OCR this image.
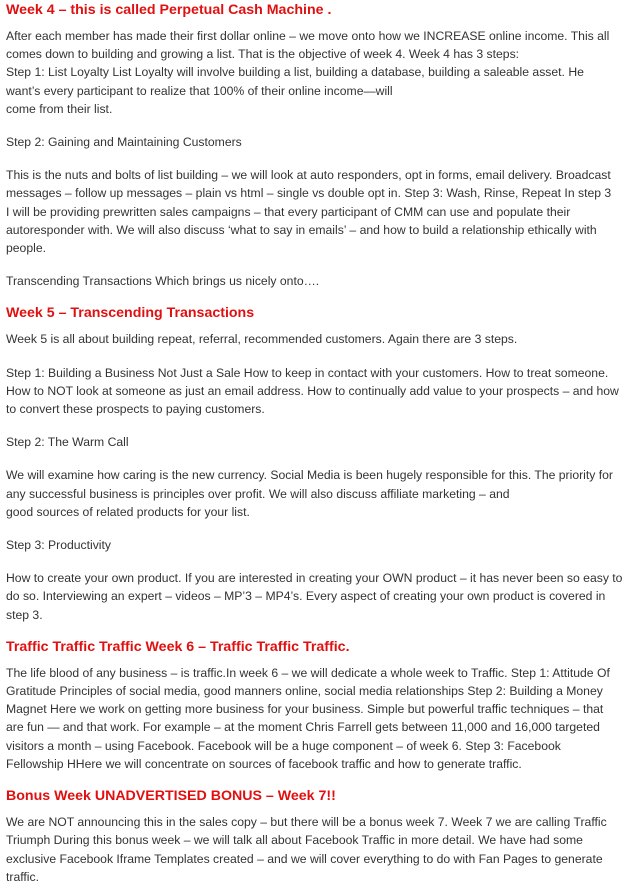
Week 4 – this is called Perpetual Cash Machine .

After each member has made their first dollar online – we move onto how we INCREASE online income. This all
comes down to building and growing a list. That is the objective of week 4. Week 4 has 3 steps:
Step 1: List Loyalty List Loyalty will involve building a list, building a database, building a saleable asset. He
want’s every participant to realize that 100% of their online income—will
come from their list.

Step 2: Gaining and Maintaining Customers

This is the nuts and bolts of list building – we will look at auto responders, opt in forms, email delivery. Broadcast
messages – follow up messages – plain vs html – single vs double opt in. Step 3: Wash, Rinse, Repeat In step 3
I will be providing prewritten sales campaigns – that every participant of CMM can use and populate their
autoresponder with. We will also discuss ‘what to say in emails’ – and how to build a relationship ethically with
people.

Transcending Transactions Which brings us nicely onto….

Week 5 – Transcending Transactions

Week 5 is all about building repeat, referral, recommended customers. Again there are 3 steps.

Step 1: Building a Business Not Just a Sale How to keep in contact with your customers. How to treat someone.
How to NOT look at someone as just an email address. How to continually add value to your prospects – and how
to convert these prospects to paying customers.

Step 2: The Warm Call

We will examine how caring is the new currency. Social Media is been hugely responsible for this. The priority for
any successful business is principles over profit. We will also discuss affiliate marketing – and
good sources of related products for your list.

Step 3: Productivity

How to create your own product. If you are interested in creating your OWN product – it has never been so easy to
do so. Interviewing an expert – videos – MP’3 – MP4’s. Every aspect of creating your own product is covered in
step 3.

Traffic Traffic Traffic Week 6 – Traffic Traffic Traffic.

The life blood of any business – is traffic.In week 6 – we will dedicate a whole week to Traffic. Step 1: Attitude Of
Gratitude Principles of social media, good manners online, social media relationships Step 2: Building a Money
Magnet Here we work on getting more business for your business. Simple but powerful traffic techniques – that
are fun — and that work. For example – at the moment Chris Farrell gets between 11,000 and 16,000 targeted
visitors a month – using Facebook. Facebook will be a huge component – of week 6. Step 3: Facebook
Fellowship HHere we will concentrate on sources of facebook traffic and how to generate traffic.

Bonus Week UNADVERTISED BONUS – Week 7!!

We are NOT announcing this in the sales copy – but there will be a bonus week 7. Week 7 we are calling Traffic
Triumph During this bonus week – we will talk all about Facebook Traffic in more detail. We have had some
exclusive Facebook Iframe Templates created – and we will cover everything to do with Fan Pages to generate
traffic.
